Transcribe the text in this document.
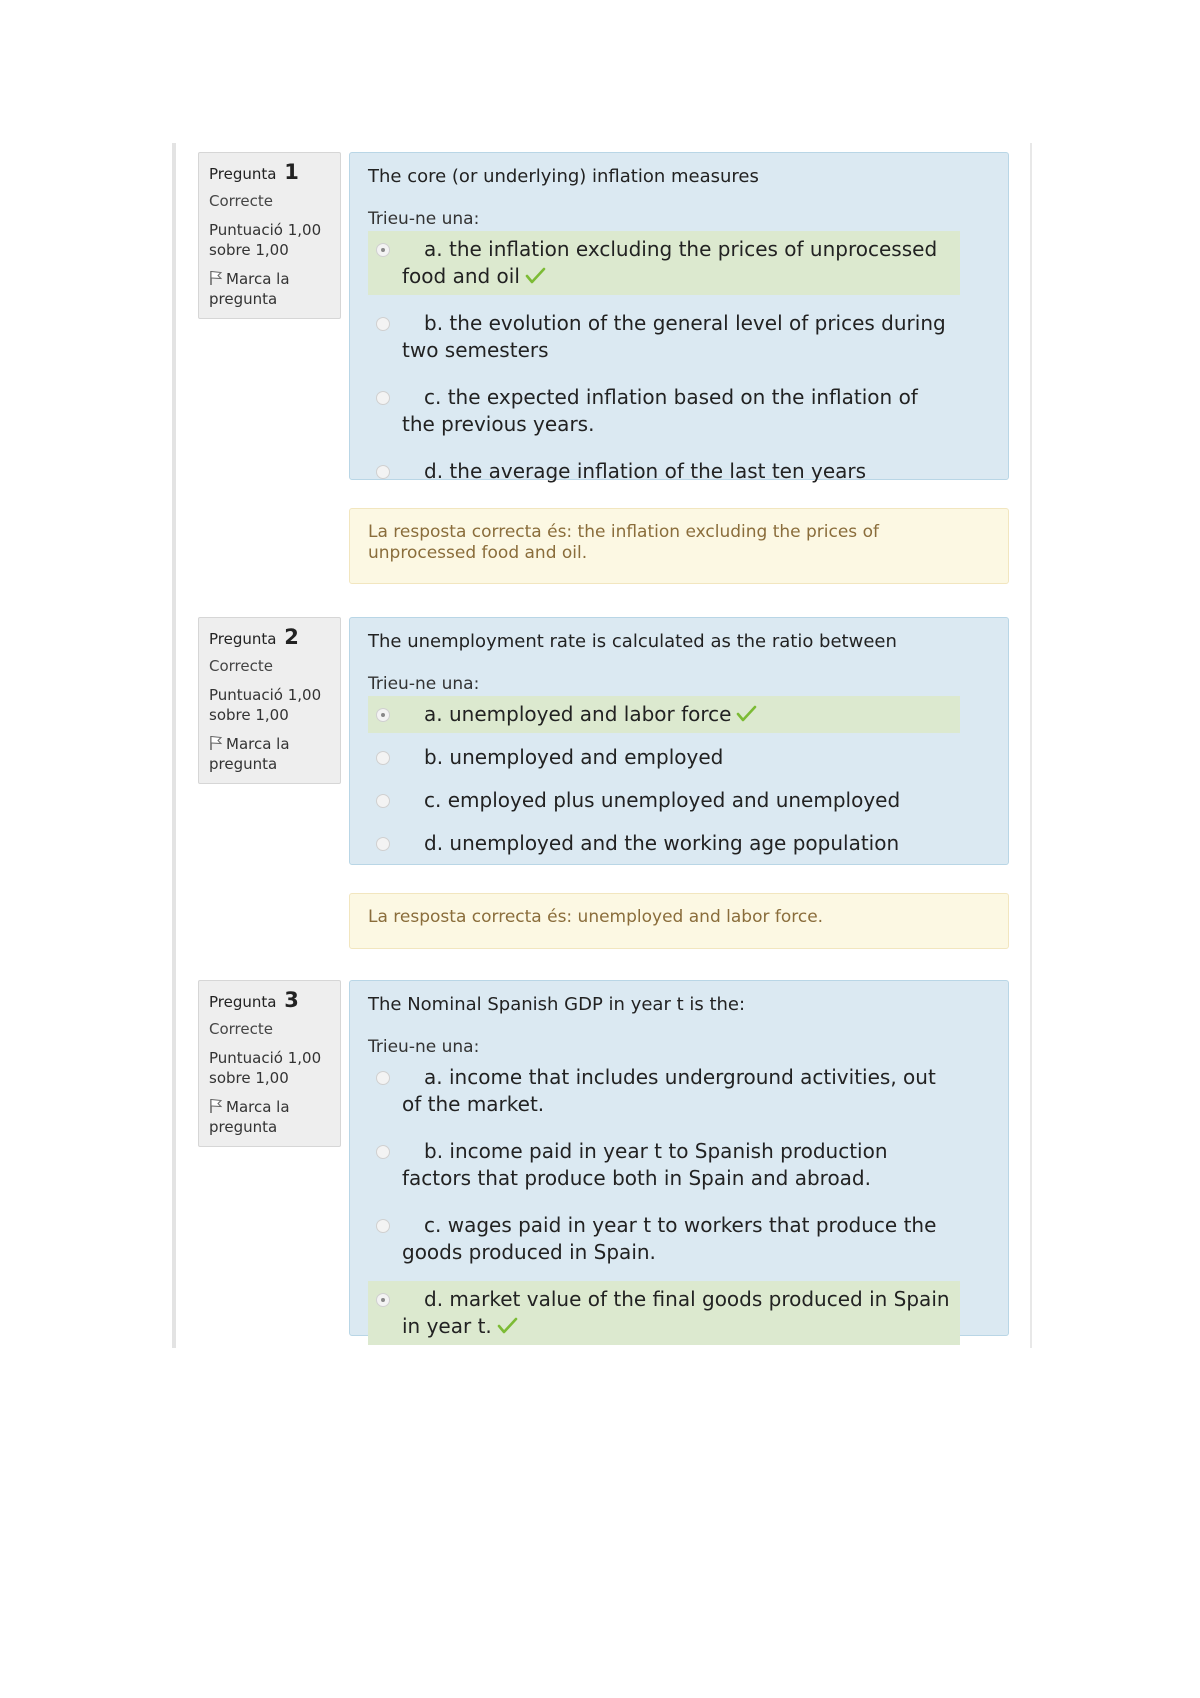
Pregunta 1
Correcte
Puntuació 1,00 sobre 1,00
Marca la pregunta
The core (or underlying) inflation measures
Trieu-ne una:
a. the inflation excluding the prices of unprocessed food and oil
b. the evolution of the general level of prices during two semesters
c. the expected inflation based on the inflation of the previous years.
d. the average inflation of the last ten years
La resposta correcta és: the inflation excluding the prices of unprocessed food and oil.
Pregunta 2
Correcte
Puntuació 1,00 sobre 1,00
Marca la pregunta
The unemployment rate is calculated as the ratio between
Trieu-ne una:
a. unemployed and labor force
b. unemployed and employed
c. employed plus unemployed and unemployed
d. unemployed and the working age population
La resposta correcta és: unemployed and labor force.
Pregunta 3
Correcte
Puntuació 1,00 sobre 1,00
Marca la pregunta
The Nominal Spanish GDP in year t is the:
Trieu-ne una:
a. income that includes underground activities, out of the market.
b. income paid in year t to Spanish production factors that produce both in Spain and abroad.
c. wages paid in year t to workers that produce the goods produced in Spain.
d. market value of the final goods produced in Spain in year t.
